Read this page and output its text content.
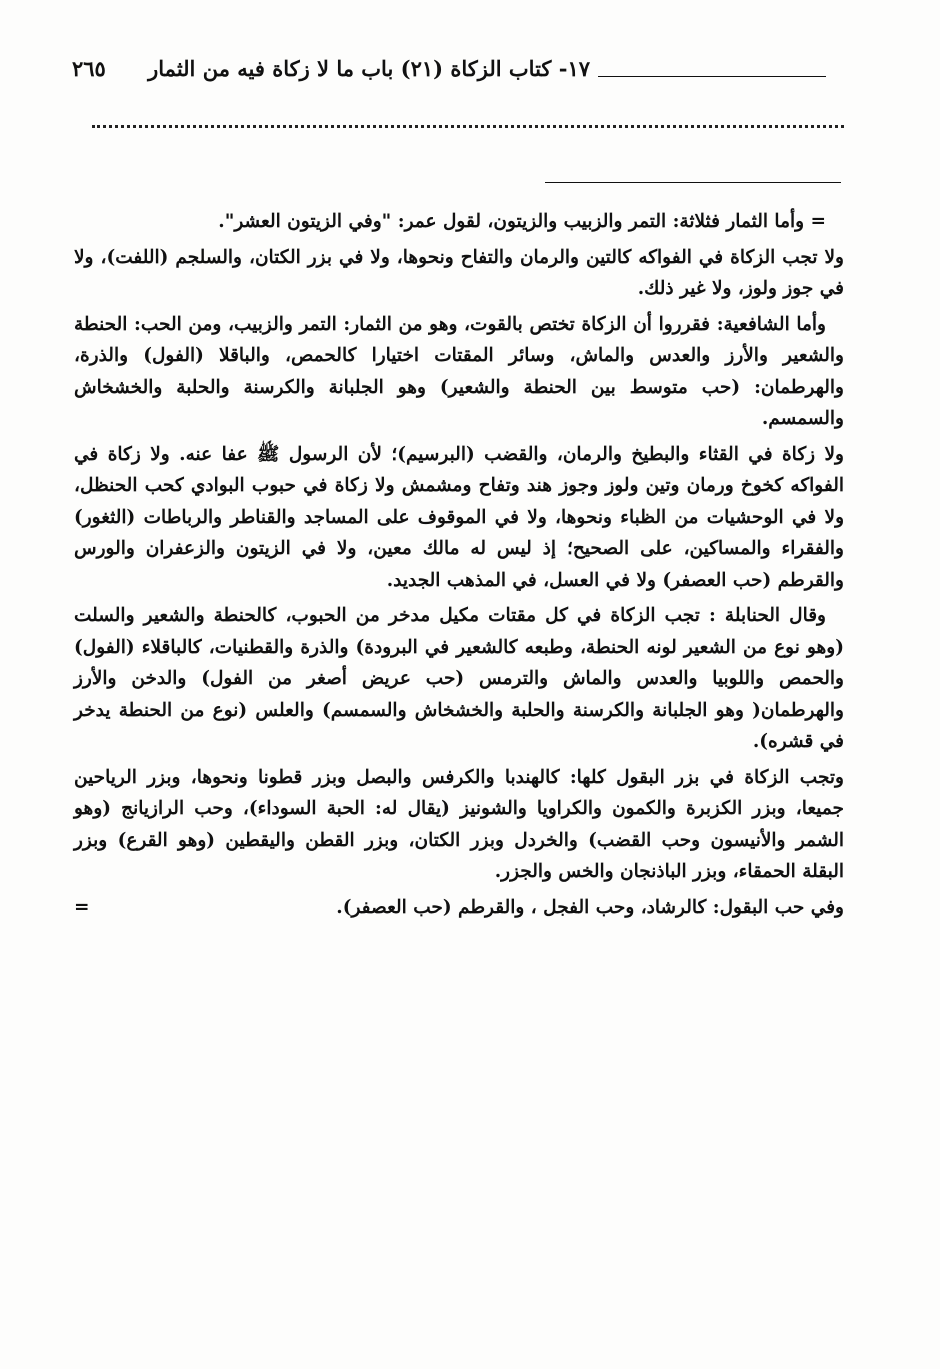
١٧- كتاب الزكاة (٢١) باب ما لا زكاة فيه من الثمار
٢٦٥

= وأما الثمار فثلاثة: التمر والزبيب والزيتون، لقول عمر: "وفي الزيتون العشر".

ولا تجب الزكاة في الفواكه كالتين والرمان والتفاح ونحوها، ولا في بزر الكتان، والسلجم (اللفت)، ولا في جوز ولوز، ولا غير ذلك.

وأما الشافعية: فقرروا أن الزكاة تختص بالقوت، وهو من الثمار: التمر والزبيب، ومن الحب: الحنطة والشعير والأرز والعدس والماش، وسائر المقتات اختيارا كالحمص، والباقلا (الفول) والذرة، والهرطمان: (حب متوسط بين الحنطة والشعير) وهو الجلبانة والكرسنة والحلبة والخشخاش والسمسم.

ولا زكاة في القثاء والبطيخ والرمان، والقضب (البرسيم)؛ لأن الرسول ﷺ عفا عنه. ولا زكاة في الفواكه كخوخ ورمان وتين ولوز وجوز هند وتفاح ومشمش ولا زكاة في حبوب البوادي كحب الحنظل، ولا في الوحشيات من الظباء ونحوها، ولا في الموقوف على المساجد والقناطر والرباطات (الثغور) والفقراء والمساكين، على الصحيح؛ إذ ليس له مالك معين، ولا في الزيتون والزعفران والورس والقرطم (حب العصفر) ولا في العسل، في المذهب الجديد.

وقال الحنابلة : تجب الزكاة في كل مقتات مكيل مدخر من الحبوب، كالحنطة والشعير والسلت (وهو نوع من الشعير لونه الحنطة، وطبعه كالشعير في البرودة) والذرة والقطنيات، كالباقلاء (الفول) والحمص واللوبيا والعدس والماش والترمس (حب عريض أصغر من الفول) والدخن والأرز والهرطمان( وهو الجلبانة والكرسنة والحلبة والخشخاش والسمسم) والعلس (نوع من الحنطة يدخر في قشره).

وتجب الزكاة في بزر البقول كلها: كالهندبا والكرفس والبصل وبزر قطونا ونحوها، وبزر الرياحين جميعا، وبزر الكزبرة والكمون والكراويا والشونيز (يقال له: الحبة السوداء)، وحب الرازيانج (وهو الشمر والأنيسون وحب القضب) والخردل وبزر الكتان، وبزر القطن واليقطين (وهو القرع) وبزر البقلة الحمقاء، وبزر الباذنجان والخس والجزر.

=	وفي حب البقول: كالرشاد، وحب الفجل ، والقرطم (حب العصفر).
